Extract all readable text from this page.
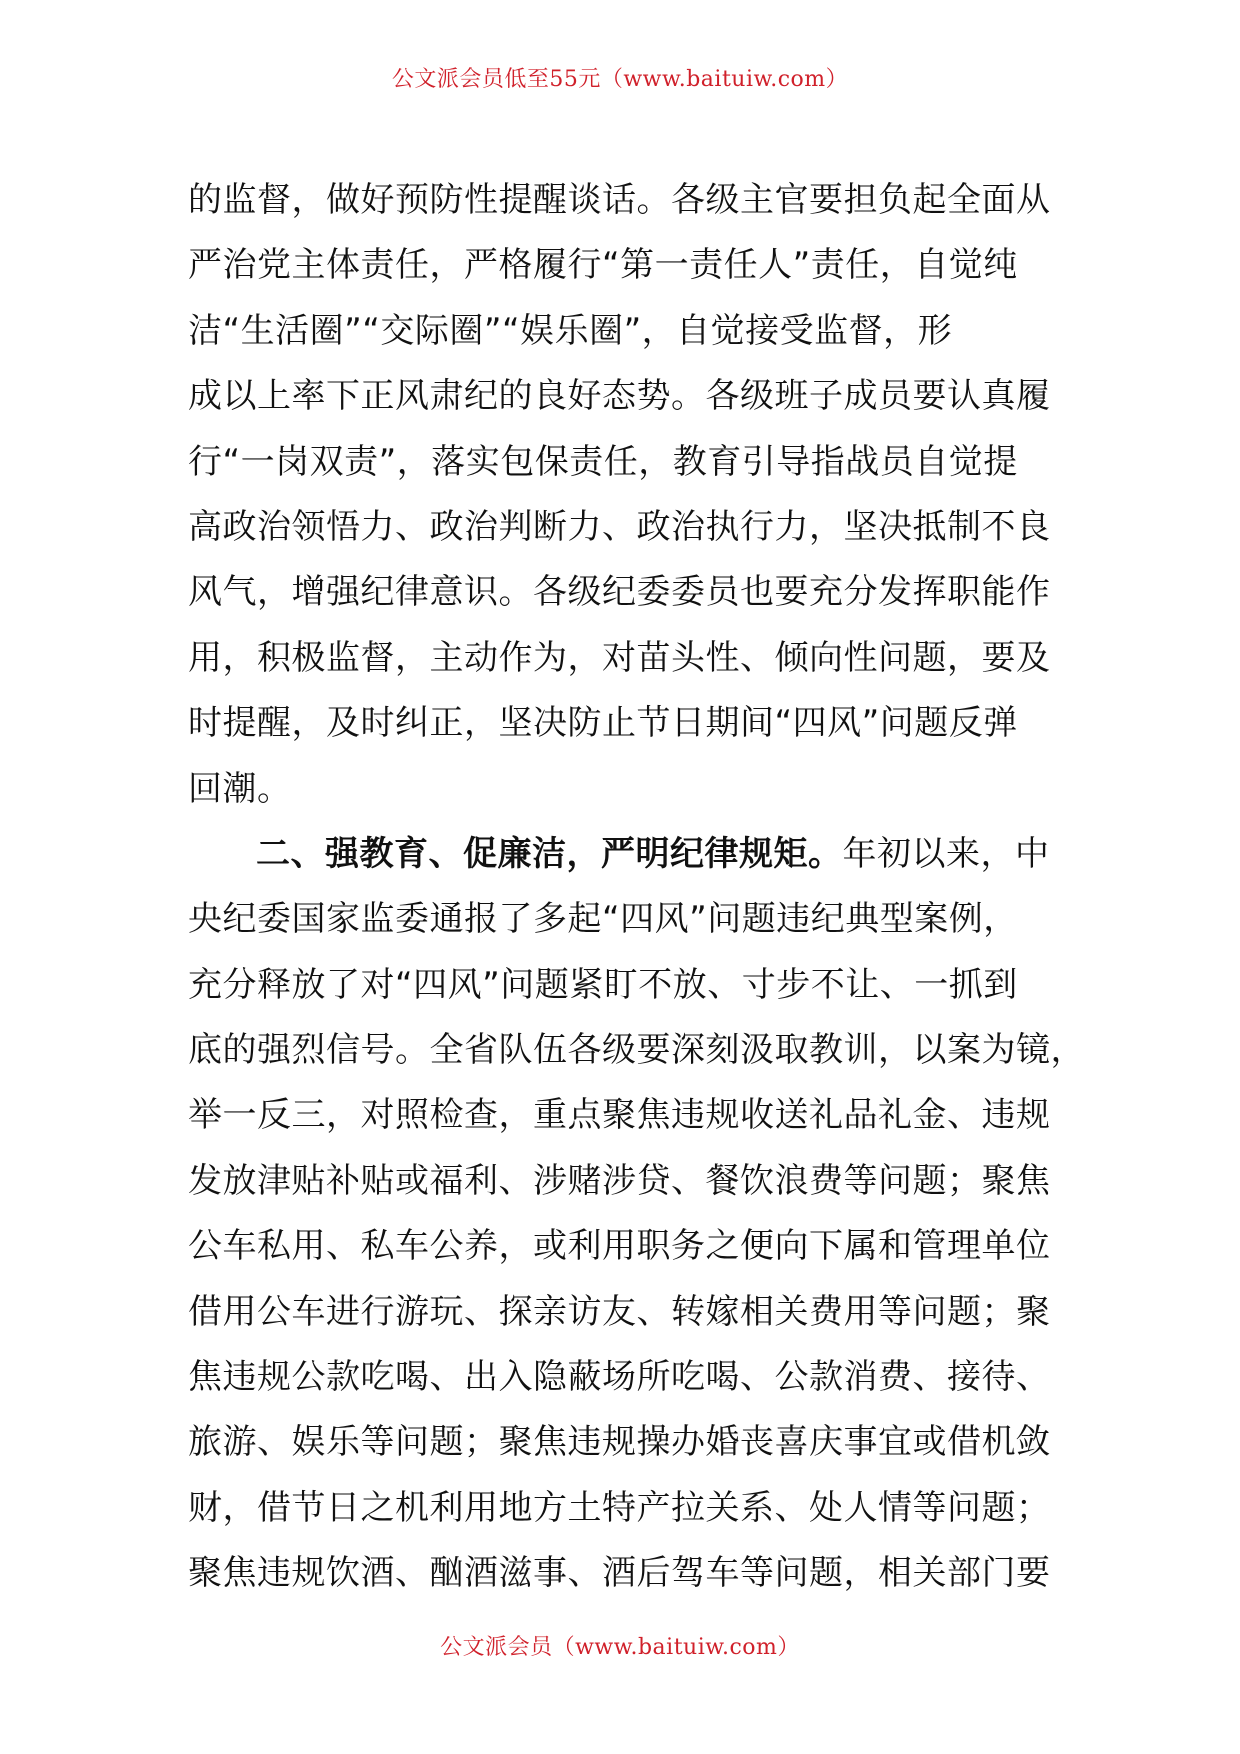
公文派会员低至55元（www.baituiw.com）
的监督，做好预防性提醒谈话。各级主官要担负起全面从
严治党主体责任，严格履行“第一责任人”责任，自觉纯
洁“生活圈”“交际圈”“娱乐圈”，自觉接受监督，形
成以上率下正风肃纪的良好态势。各级班子成员要认真履
行“一岗双责”，落实包保责任，教育引导指战员自觉提
高政治领悟力、政治判断力、政治执行力，坚决抵制不良
风气，增强纪律意识。各级纪委委员也要充分发挥职能作
用，积极监督，主动作为，对苗头性、倾向性问题，要及
时提醒，及时纠正，坚决防止节日期间“四风”问题反弹
回潮。
二、强教育、促廉洁，严明纪律规矩。年初以来，中
央纪委国家监委通报了多起“四风”问题违纪典型案例，
充分释放了对“四风”问题紧盯不放、寸步不让、一抓到
底的强烈信号。全省队伍各级要深刻汲取教训，以案为镜，
举一反三，对照检查，重点聚焦违规收送礼品礼金、违规
发放津贴补贴或福利、涉赌涉贷、餐饮浪费等问题；聚焦
公车私用、私车公养，或利用职务之便向下属和管理单位
借用公车进行游玩、探亲访友、转嫁相关费用等问题；聚
焦违规公款吃喝、出入隐蔽场所吃喝、公款消费、接待、
旅游、娱乐等问题；聚焦违规操办婚丧喜庆事宜或借机敛
财，借节日之机利用地方土特产拉关系、处人情等问题；
聚焦违规饮酒、酗酒滋事、酒后驾车等问题，相关部门要
公文派会员（www.baituiw.com）
